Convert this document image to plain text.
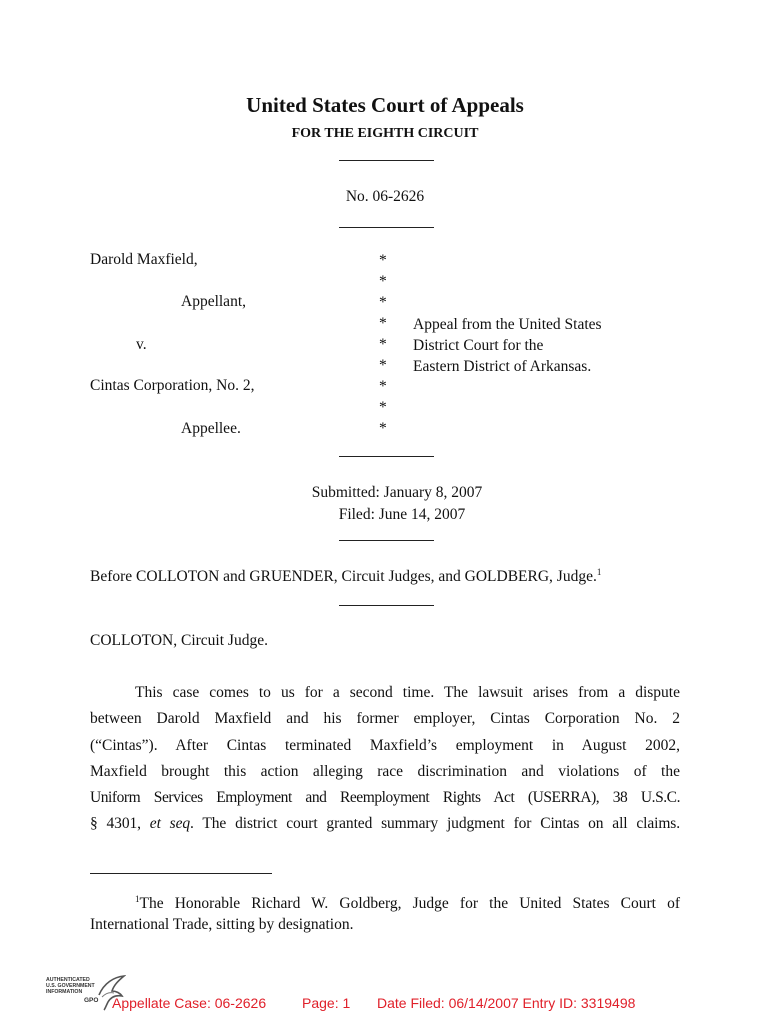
United States Court of Appeals
FOR THE EIGHTH CIRCUIT
No. 06-2626
Darold Maxfield,
Appellant,
v.
Cintas Corporation, No. 2,
Appellee.
*
*
*
*
*
*
*
*
*
Appeal from the United States
District Court for the
Eastern District of Arkansas.
Submitted: January 8, 2007
Filed: June 14, 2007
Before COLLOTON and GRUENDER, Circuit Judges, and GOLDBERG, Judge.$^1$
COLLOTON, Circuit Judge.
This case comes to us for a second time. The lawsuit arises from a dispute
between Darold Maxfield and his former employer, Cintas Corporation No. 2
(“Cintas”). After Cintas terminated Maxfield’s employment in August 2002,
Maxfield brought this action alleging race discrimination and violations of the
Uniform Services Employment and Reemployment Rights Act (USERRA), 38 U.S.C.
§ 4301, et seq. The district court granted summary judgment for Cintas on all claims.
$^1$The Honorable Richard W. Goldberg, Judge for the United States Court of
International Trade, sitting by designation.
AUTHENTICATED
U.S. GOVERNMENT
INFORMATION
GPO Appellate Case: 06-2626	Page: 1 Date Filed: 06/14/2007 Entry ID: 3319498
